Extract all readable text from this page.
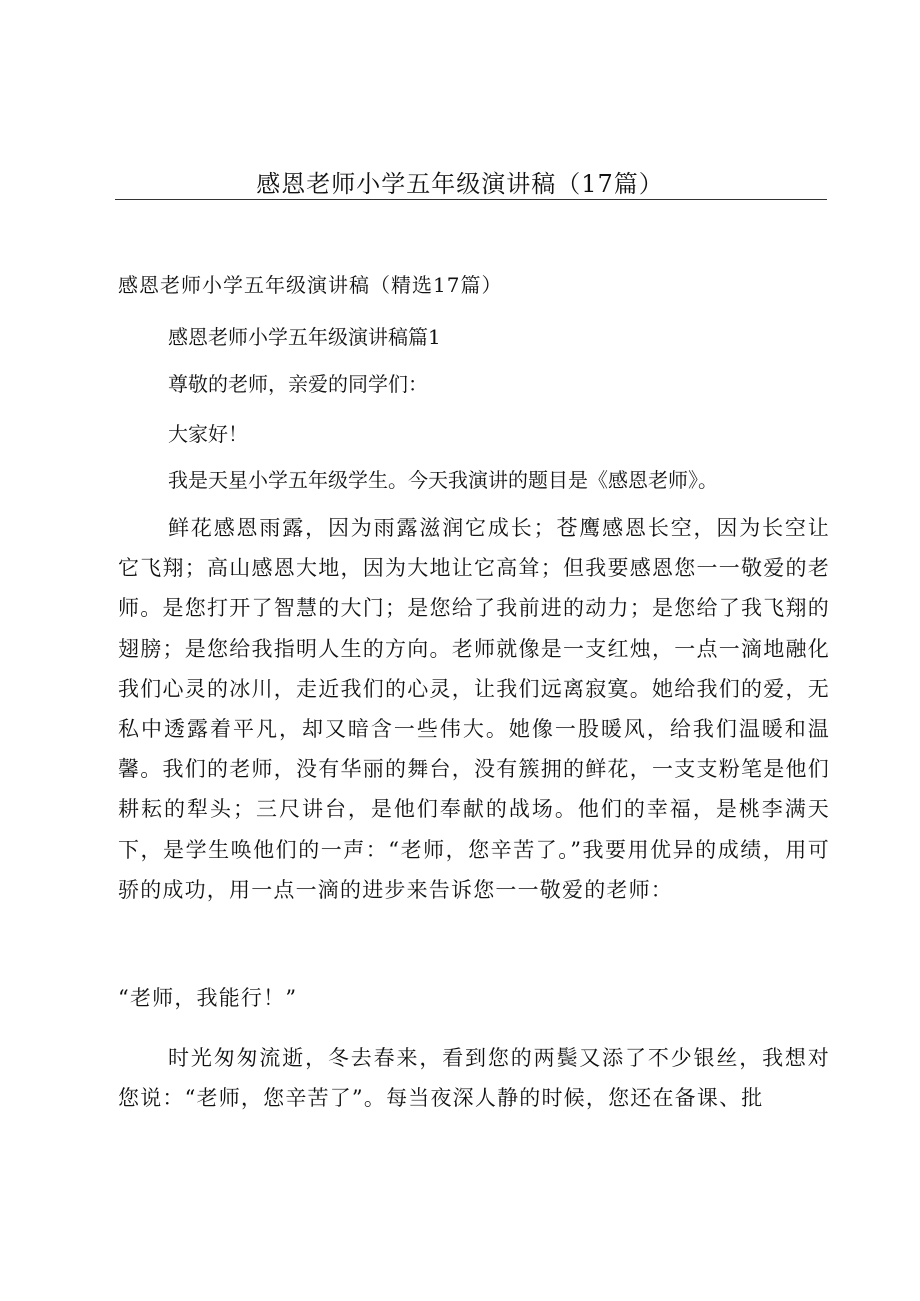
感恩老师小学五年级演讲稿（17篇）
感恩老师小学五年级演讲稿（精选17篇）
感恩老师小学五年级演讲稿篇1
尊敬的老师，亲爱的同学们：
大家好！
我是天星小学五年级学生。今天我演讲的题目是《感恩老师》。
鲜花感恩雨露，因为雨露滋润它成长；苍鹰感恩长空，因为长空让它飞翔；高山感恩大地，因为大地让它高耸；但我要感恩您一一敬爱的老师。是您打开了智慧的大门；是您给了我前进的动力；是您给了我飞翔的翅膀；是您给我指明人生的方向。老师就像是一支红烛，一点一滴地融化我们心灵的冰川，走近我们的心灵，让我们远离寂寞。她给我们的爱，无私中透露着平凡，却又暗含一些伟大。她像一股暖风，给我们温暖和温馨。我们的老师，没有华丽的舞台，没有簇拥的鲜花，一支支粉笔是他们耕耘的犁头；三尺讲台，是他们奉献的战场。他们的幸福，是桃李满天下，是学生唤他们的一声：“老师，您辛苦了。”我要用优异的成绩，用可骄的成功，用一点一滴的进步来告诉您一一敬爱的老师：
“老师，我能行！”
时光匆匆流逝，冬去春来，看到您的两鬓又添了不少银丝，我想对您说：“老师，您辛苦了”。每当夜深人静的时候，您还在备课、批
